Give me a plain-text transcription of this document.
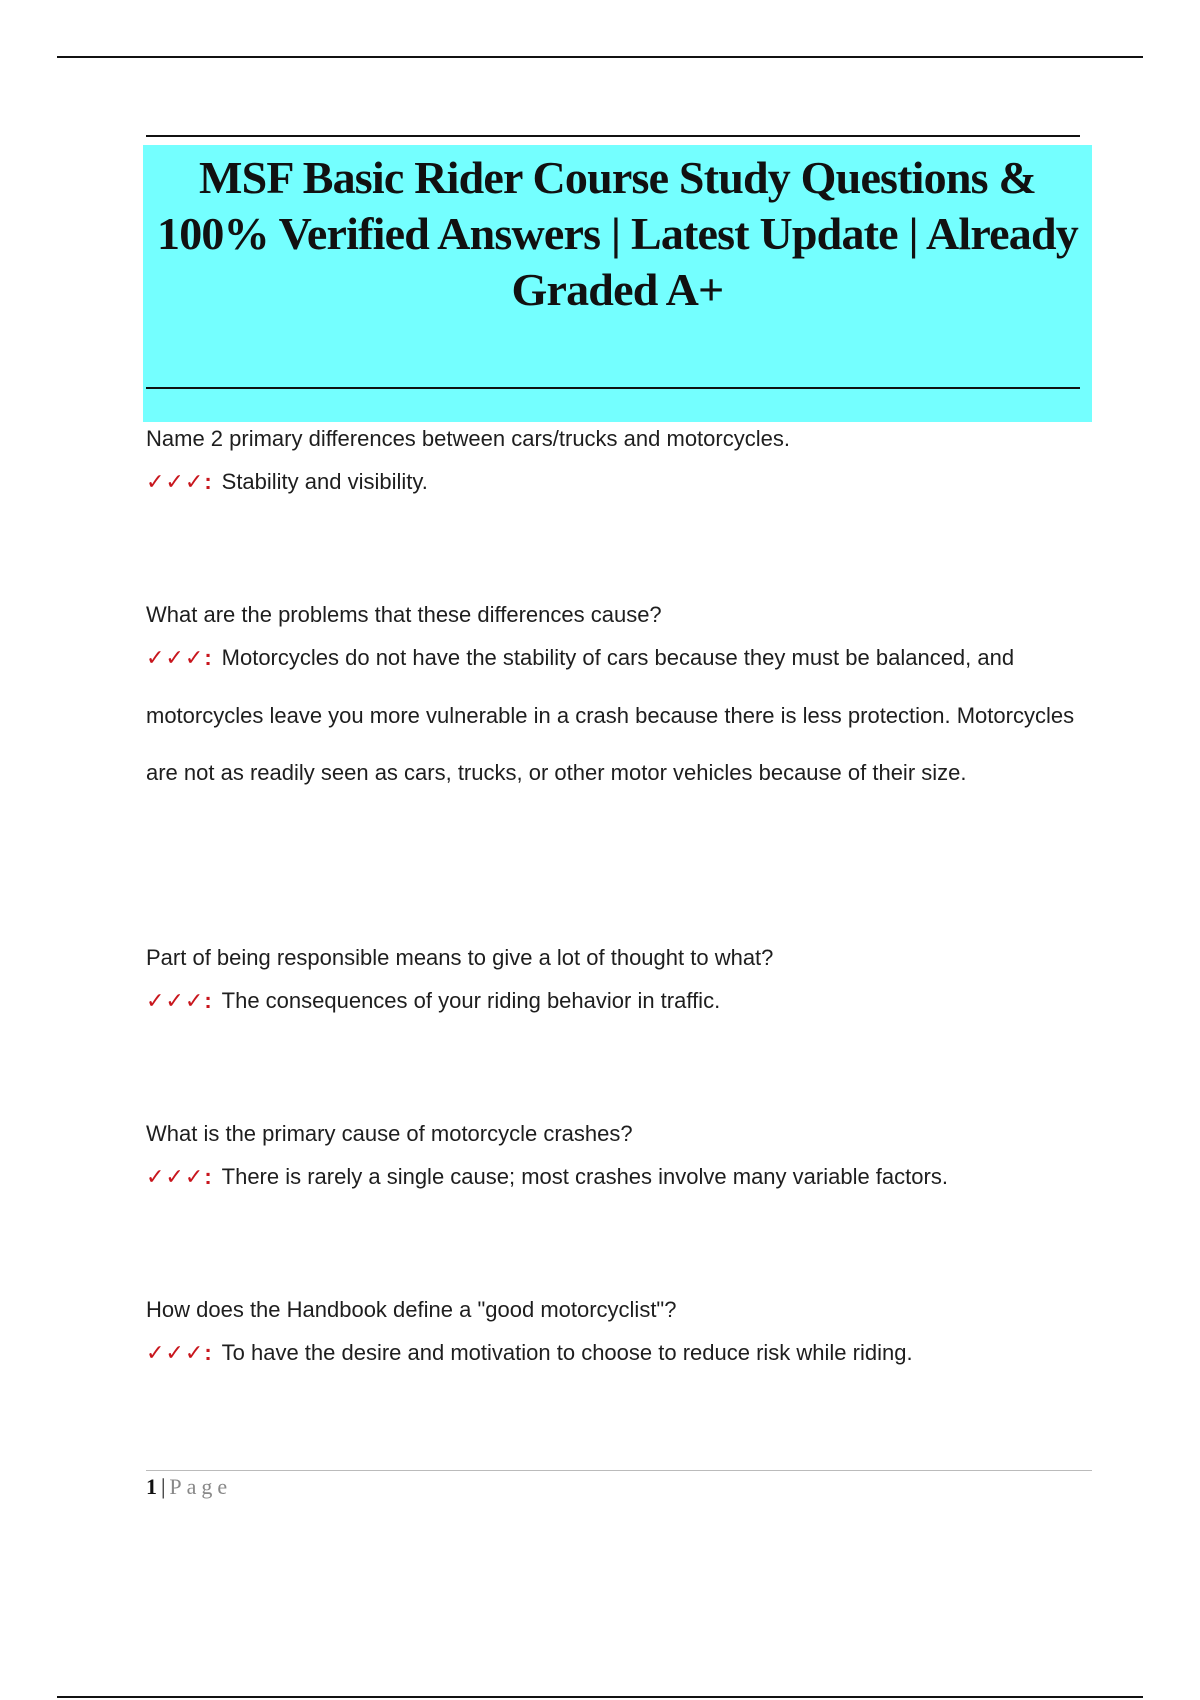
MSF Basic Rider Course Study Questions & 100% Verified Answers | Latest Update | Already Graded A+

Name 2 primary differences between cars/trucks and motorcycles.

✓✓✓: Stability and visibility.

What are the problems that these differences cause?

✓✓✓: Motorcycles do not have the stability of cars because they must be balanced, and motorcycles leave you more vulnerable in a crash because there is less protection. Motorcycles are not as readily seen as cars, trucks, or other motor vehicles because of their size.

Part of being responsible means to give a lot of thought to what?

✓✓✓: The consequences of your riding behavior in traffic.

What is the primary cause of motorcycle crashes?

✓✓✓: There is rarely a single cause; most crashes involve many variable factors.

How does the Handbook define a "good motorcyclist"?

✓✓✓: To have the desire and motivation to choose to reduce risk while riding.

1 | Page
